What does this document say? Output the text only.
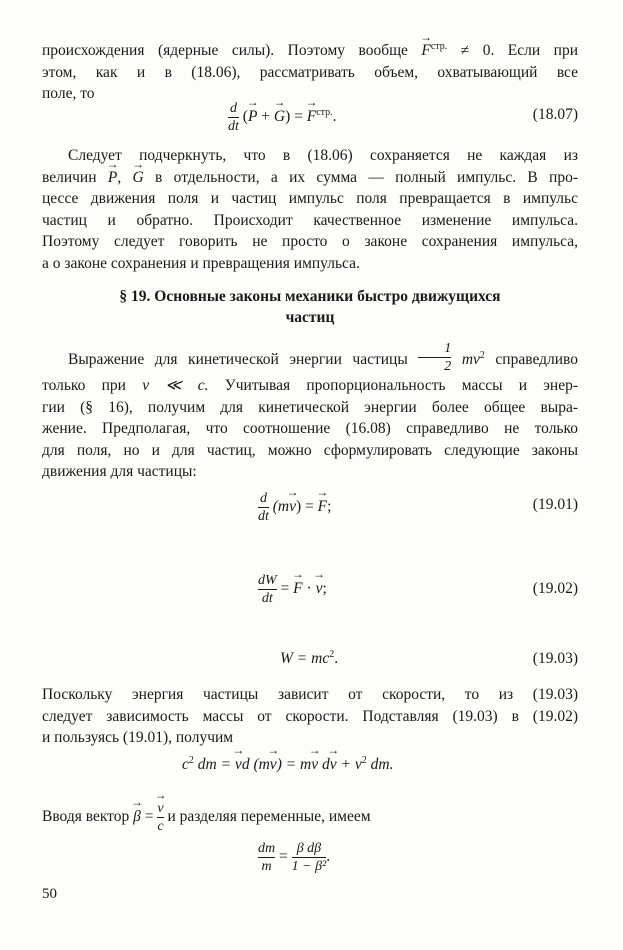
происхождения (ядерные силы). Поэтому вообще → $F^{стр.} \ne 0$. Если при
этом, как и в (18.06), рассматривать объем, охватывающий все
поле, то
$\frac{d}{dt}$ (→ P + → G) = → $F^{стр.}$.	(18.07)
Следует подчеркнуть, что в (18.06) сохраняется не каждая из
величин → P, → G в отдельности, а их сумма — полный импульс. В про-
цессе движения поля и частиц импульс поля превращается в импульс
частиц и обратно. Происходит качественное изменение импульса.
Поэтому следует говорить не просто о законе сохранения импульса,
а о законе сохранения и превращения импульса.
§ 19. Основные законы механики быстро движущихся
частиц
Выражение для кинетической энергии частицы $\frac{1}{2} mv^2$ справедливо
только при v ≪ c. Учитывая пропорциональность массы и энер-
гии (§ 16), получим для кинетической энергии более общее выра-
жение. Предполагая, что соотношение (16.08) справедливо не только
для поля, но и для частиц, можно сформулировать следующие законы
движения для частицы:
$\frac{d}{dt} (m\to v)$ = → F;	(19.01)
$\frac{dW}{dt}$ = → F · → v;	(19.02)
$W = mc^2$.	(19.03)
Поскольку энергия частицы зависит от скорости, то из (19.03)
следует зависимость массы от скорости. Подставляя (19.03) в (19.02)
и пользуясь (19.01), получим
$c^2$ dm = → vd (m→ v) = m→ v $d\to v + v^2$ dm.
Вводя вектор → β = → $\frac{v}{c}$ и разделяя переменные, имеем
$\frac{dm}{m} = \frac{\text{β dβ}}{\text{1 − β²}}$ .
50
